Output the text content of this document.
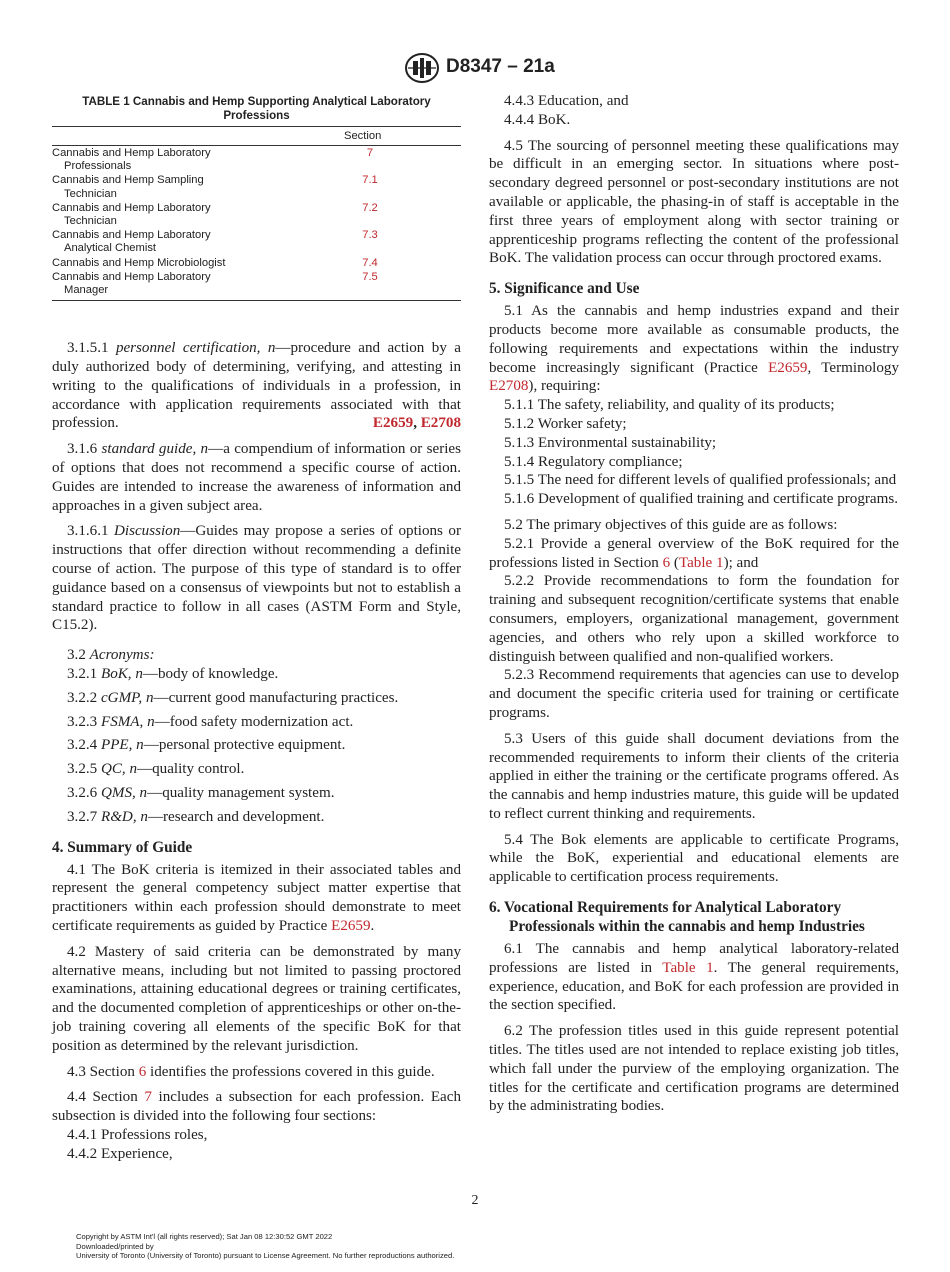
D8347 – 21a
TABLE 1 Cannabis and Hemp Supporting Analytical Laboratory
Professions
Section
Cannabis and Hemp Laboratory
Professionals
7
Cannabis and Hemp Sampling
Technician
7.1
Cannabis and Hemp Laboratory
Technician
7.2
Cannabis and Hemp Laboratory
Analytical Chemist
7.3
Cannabis and Hemp Microbiologist	7.4
Cannabis and Hemp Laboratory
Manager
7.5

3.1.5.1 personnel certification, n—procedure and action by a duly authorized body of determining, verifying, and attesting in writing to the qualifications of individuals in a profession, in accordance with application requirements associated with that profession.	E2659, E2708

3.1.6 standard guide, n—a compendium of information or series of options that does not recommend a specific course of action. Guides are intended to increase the awareness of information and approaches in a given subject area.

3.1.6.1 Discussion—Guides may propose a series of options or instructions that offer direction without recommending a definite course of action. The purpose of this type of standard is to offer guidance based on a consensus of viewpoints but not to establish a standard practice to follow in all cases (ASTM Form and Style, C15.2).

3.2 Acronyms:

3.2.1 BoK, n—body of knowledge.

3.2.2 cGMP, n—current good manufacturing practices.

3.2.3 FSMA, n—food safety modernization act.

3.2.4 PPE, n—personal protective equipment.

3.2.5 QC, n—quality control.

3.2.6 QMS, n—quality management system.

3.2.7 R&D, n—research and development.

4. Summary of Guide

4.1 The BoK criteria is itemized in their associated tables and represent the general competency subject matter expertise that practitioners within each profession should demonstrate to meet certificate requirements as guided by Practice E2659.

4.2 Mastery of said criteria can be demonstrated by many alternative means, including but not limited to passing proctored examinations, attaining educational degrees or training certificates, and the documented completion of apprenticeships or other on-the-job training covering all elements of the specific BoK for that position as determined by the relevant jurisdiction.

4.3 Section 6 identifies the professions covered in this guide.

4.4 Section 7 includes a subsection for each profession. Each subsection is divided into the following four sections:

4.4.1 Professions roles,

4.4.2 Experience,

4.4.3 Education, and

4.4.4 BoK.

4.5 The sourcing of personnel meeting these qualifications may be difficult in an emerging sector. In situations where post-secondary degreed personnel or post-secondary institutions are not available or applicable, the phasing-in of staff is acceptable in the first three years of employment along with sector training or apprenticeship programs reflecting the content of the professional BoK. The validation process can occur through proctored exams.

5. Significance and Use

5.1 As the cannabis and hemp industries expand and their products become more available as consumable products, the following requirements and expectations within the industry become increasingly significant (Practice E2659, Terminology E2708), requiring:

5.1.1 The safety, reliability, and quality of its products;

5.1.2 Worker safety;

5.1.3 Environmental sustainability;

5.1.4 Regulatory compliance;

5.1.5 The need for different levels of qualified professionals; and

5.1.6 Development of qualified training and certificate programs.

5.2 The primary objectives of this guide are as follows:

5.2.1 Provide a general overview of the BoK required for the professions listed in Section 6 (Table 1); and

5.2.2 Provide recommendations to form the foundation for training and subsequent recognition/certificate systems that enable consumers, employers, organizational management, government agencies, and others who rely upon a skilled workforce to distinguish between qualified and non-qualified workers.

5.2.3 Recommend requirements that agencies can use to develop and document the specific criteria used for training or certificate programs.

5.3 Users of this guide shall document deviations from the recommended requirements to inform their clients of the criteria applied in either the training or the certificate programs offered. As the cannabis and hemp industries mature, this guide will be updated to reflect current thinking and requirements.

5.4 The Bok elements are applicable to certificate Programs, while the BoK, experiential and educational elements are applicable to certification process requirements.

6. Vocational Requirements for Analytical Laboratory

Professionals within the cannabis and hemp Industries

6.1 The cannabis and hemp analytical laboratory-related professions are listed in Table 1. The general requirements, experience, education, and BoK for each profession are provided in the section specified.

6.2 The profession titles used in this guide represent potential titles. The titles used are not intended to replace existing job titles, which fall under the purview of the employing organization. The titles for the certificate and certification programs are determined by the administrating bodies.

2
Copyright by ASTM Int'l (all rights reserved); Sat Jan 08 12:30:52 GMT 2022
Downloaded/printed by
University of Toronto (University of Toronto) pursuant to License Agreement. No further reproductions authorized.
